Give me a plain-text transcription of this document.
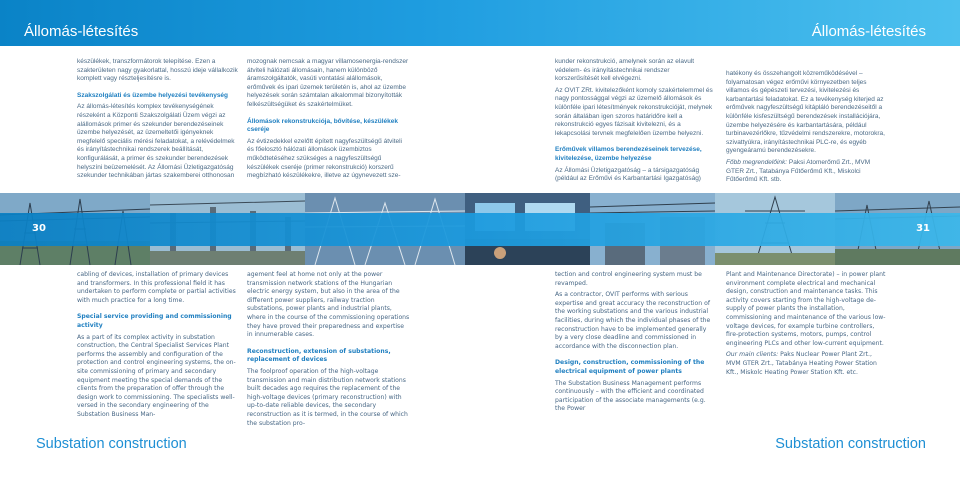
Állomás-létesítés	Állomás-létesítés

készülékek, transzformátorok telepítése. Ezen a szakterületen nagy gyakorlattal, hosszú ideje vállalkozik komplett vagy részteljesítésre is.

Szakszolgálati és üzembe helyezési tevékenység

Az állomás-létesítés komplex tevékenységének részeként a Központi Szakszolgálati Üzem végzi az alállomások primer és szekunder berendezéseinek üzembe helyezését, az üzemeltetői igényeknek megfelelő speciális mérési feladatokat, a relévédelmek és irányítástechnikai rendszerek beállítását, konfigurálását, a primer és szekunder berendezések helyszíni beüzemelését. Az Állomási Üzletigazgatóság szekunder technikában jártas szakemberei otthonosan

mozognak nemcsak a magyar villamosenergia-rendszer átviteli hálózati állomásain, hanem különböző áramszolgáltatók, vasúti vontatási alállomások, erőművek és ipari üzemek területén is, ahol az üzembe helyezések során számtalan alkalommal bizonyították felkészültségüket és szakértelmüket.

Állomások rekonstrukciója, bővítése, készülékek cseréje

Az évtizedekkel ezelőtt épített nagyfeszültségű átviteli és főelosztó hálózati állomások üzembiztos működtetéséhez szükséges a nagyfeszültségű készülékek cseréje (primer rekonstrukció) korszerű megbízható készülékekre, illetve az úgynevezett sze-

kunder rekonstrukció, amelynek során az elavult védelem- és irányítástechnikai rendszer korszerűsítését kell elvégezni.

Az OVIT ZRt. kivitelezőként komoly szakértelemmel és nagy pontossággal végzi az üzemelő állomások és különféle ipari létesítmények rekonstrukcióját, melynek során általában igen szoros határidőre kell a rekonstrukció egyes fázisait kivitelezni, és a lekapcsolási tervnek megfelelően üzembe helyezni.

Erőművek villamos berendezéseinek tervezése, kivitelezése, üzembe helyezése

Az Állomási Üzletigazgatóság – a társigazgatóság (például az Erőművi és Karbantartási Igazgatóság)

hatékony és összehangolt közreműködésével – folyamatosan végez erőművi környezetben teljes villamos és gépészeti tervezési, kivitelezési és karbantartási feladatokat. Ez a tevékenység kiterjed az erőművek nagyfeszültségű kitápláló berendezéseitől a különféle kisfeszültségű berendezések installációjára, üzembe helyezésére és karbantartására, például turbinavezérlőkre, tűzvédelmi rendszerekre, motorokra, szivattyúkra, irányítástechnikai PLC-re, és egyéb gyengeáramú berendezésekre.

Főbb megrendelőink: Paksi Atomerőmű Zrt., MVM GTER Zrt., Tatabánya Fűtőerőmű Kft., Miskolci Fűtőerőmű Kft. stb.

30	31

cabling of devices, installation of primary devices and transformers. In this professional field it has undertaken to perform complete or partial activities with much practice for a long time.

Special service providing and commissioning activity

As a part of its complex activity in substation construction, the Central Specialist Services Plant performs the assembly and configuration of the protection and control engineering systems, the on-site commissioning of primary and secondary equipment meeting the special demands of the clients from the preparation of offer through the design work to commissioning. The specialists well-versed in the secondary engineering of the Substation Business Man-

agement feel at home not only at the power transmission network stations of the Hungarian electric energy system, but also in the area of the different power suppliers, railway traction substations, power plants and industrial plants, where in the course of the commissioning operations they have proved their preparedness and expertise in innumerable cases.

Reconstruction, extension of substations, replacement of devices

The foolproof operation of the high-voltage transmission and main distribution network stations built decades ago requires the replacement of the high-voltage devices (primary reconstruction) with up-to-date reliable devices, the secondary reconstruction as it is termed, in the course of which the substation pro-

tection and control engineering system must be revamped.

As a contractor, OVIT performs with serious expertise and great accuracy the reconstruction of the working substations and the various industrial facilities, during which the individual phases of the reconstruction have to be implemented generally by a very close deadline and commissioned in accordance with the disconnection plan.

Design, construction, commissioning of the electrical equipment of power plants

The Substation Business Management performs continuously – with the efficient and coordinated participation of the associate managements (e.g. the Power

Plant and Maintenance Directorate) – in power plant environment complete electrical and mechanical design, construction and maintenance tasks. This activity covers starting from the high-voltage de-supply of power plants the installation, commissioning and maintenance of the various low-voltage devices, for example turbine controllers, fire-protection systems, motors, pumps, control engineering PLCs and other low-current equipment.

Our main clients: Paks Nuclear Power Plant Zrt., MVM GTER Zrt., Tatabánya Heating Power Station Kft., Miskolc Heating Power Station Kft. etc.

Substation construction	Substation construction
